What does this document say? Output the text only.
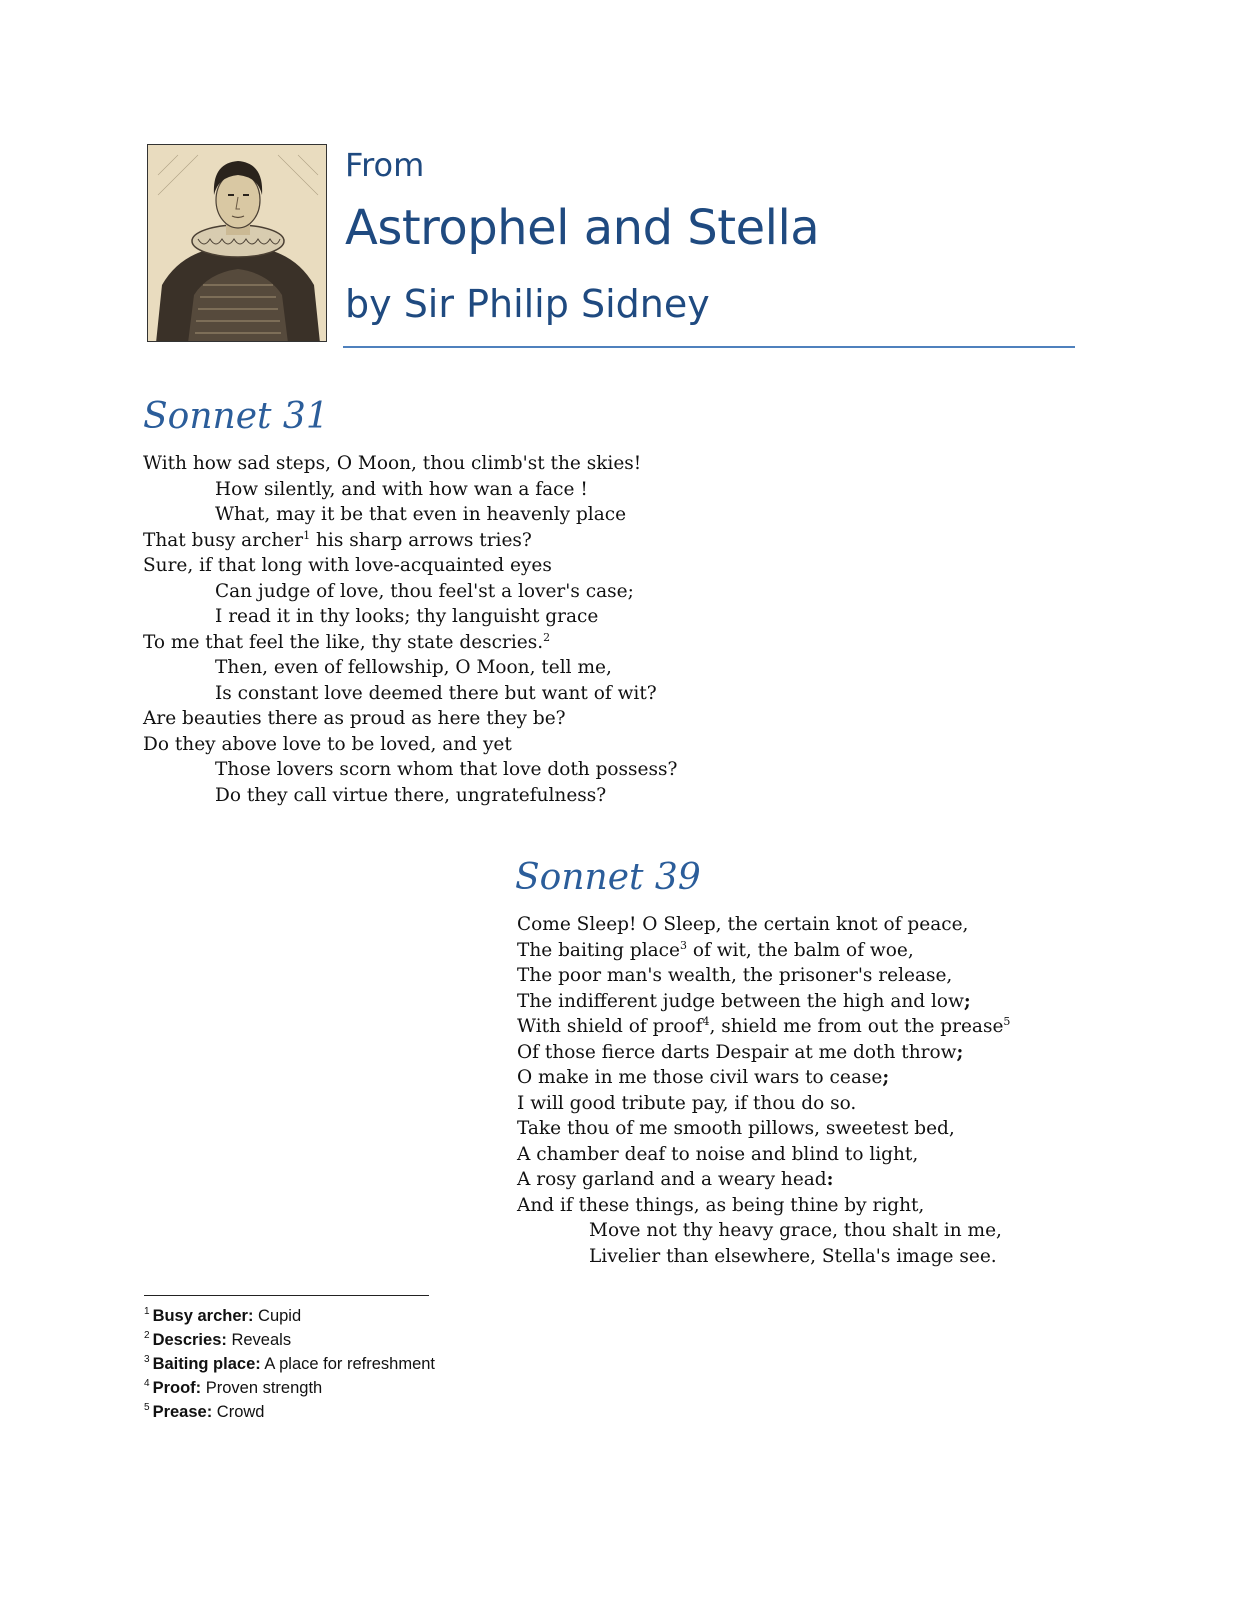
From
Astrophel and Stella
by Sir Philip Sidney
Sonnet 31
With how sad steps, O Moon, thou climb'st the skies!
How silently, and with how wan a face !
What, may it be that even in heavenly place
That busy archer$^1$ his sharp arrows tries?
Sure, if that long with love-acquainted eyes
Can judge of love, thou feel'st a lover's case;
I read it in thy looks; thy languisht grace
To me that feel the like, thy state descries.$^2$
Then, even of fellowship, O Moon, tell me,
Is constant love deemed there but want of wit?
Are beauties there as proud as here they be?
Do they above love to be loved, and yet
Those lovers scorn whom that love doth possess?
Do they call virtue there, ungratefulness?
Sonnet 39
Come Sleep! O Sleep, the certain knot of peace,
The baiting place$^3$ of wit, the balm of woe,
The poor man's wealth, the prisoner's release,
The indifferent judge between the high and low;
With shield of proof$^4$, shield me from out the prease$^5$
Of those fierce darts Despair at me doth throw;
O make in me those civil wars to cease;
I will good tribute pay, if thou do so.
Take thou of me smooth pillows, sweetest bed,
A chamber deaf to noise and blind to light,
A rosy garland and a weary head:
And if these things, as being thine by right,
Move not thy heavy grace, thou shalt in me,
Livelier than elsewhere, Stella's image see.
$^1$ Busy archer: Cupid
$^2$ Descries: Reveals
$^3$ Baiting place: A place for refreshment
$^4$ Proof: Proven strength
$^5$ Prease: Crowd
